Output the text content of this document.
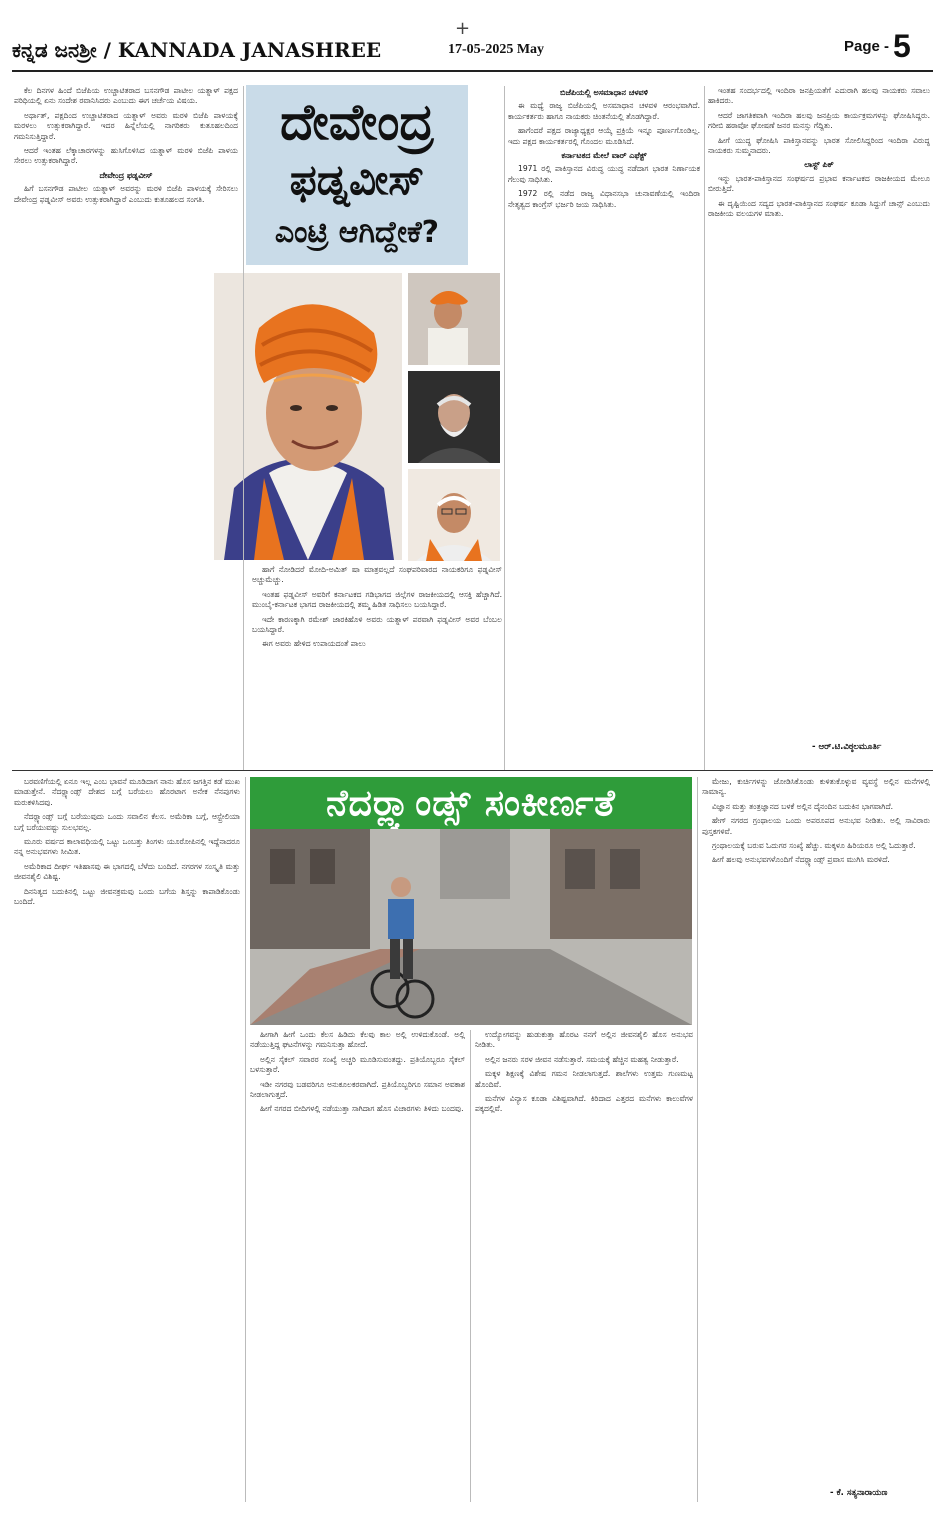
+
ಕನ್ನಡ ಜನಶ್ರೀ / KANNADA JANASHREE	17-05-2025 May	Page - 5

ಕೆಲ ದಿನಗಳ ಹಿಂದೆ ಬಿಜೆಪಿಯ ಉಚ್ಚಾಟಿತರಾದ ಬಸನಗೌಡ ಪಾಟೀಲ ಯತ್ನಾಳ್ ಪಕ್ಷದ ಪರಿಧಿಯಲ್ಲಿ ಏನು ಸಂದೇಶ ರವಾನಿಸಿದರು ಎಂಬುದು ಈಗ ಚರ್ಚೆಯ ವಿಷಯ.

ಅರ್ಥಾತ್, ಪಕ್ಷದಿಂದ ಉಚ್ಚಾಟಿತರಾದ ಯತ್ನಾಳ್ ಅವರು ಮರಳಿ ಬಿಜೆಪಿ ಪಾಳಯಕ್ಕೆ ಮರಳಲು ಉತ್ಸುಕರಾಗಿದ್ದಾರೆ. ಇದರ ಹಿನ್ನೆಲೆಯಲ್ಲಿ ನಾಗರಿಕರು ಕುತೂಹಲದಿಂದ ಗಮನಿಸುತ್ತಿದ್ದಾರೆ.

ಆದರೆ ಇಂತಹ ಲೆಕ್ಕಾಚಾರಗಳನ್ನು ಹುಸಿಗೊಳಿಸಿದ ಯತ್ನಾಳ್ ಮರಳಿ ಬಿಜೆಪಿ ಪಾಳಯ ಸೇರಲು ಉತ್ಸುಕರಾಗಿದ್ದಾರೆ.

ದೇವೇಂದ್ರ ಫಡ್ನವೀಸ್

ಹಿಗೆ ಬಸನಗೌಡ ಪಾಟೀಲ ಯತ್ನಾಳ್ ಅವರನ್ನು ಮರಳಿ ಬಿಜೆಪಿ ಪಾಳಯಕ್ಕೆ ಸೇರಿಸಲು ದೇವೇಂದ್ರ ಫಡ್ನವೀಸ್ ಅವರು ಉತ್ಸುಕರಾಗಿದ್ದಾರೆ ಎಂಬುದು ಕುತೂಹಲದ ಸಂಗತಿ.

ದೇವೇಂದ್ರ
ಫಡ್ನವೀಸ್
ಎಂಟ್ರಿ ಆಗಿದ್ದೇಕೆ?

ಹಾಗೆ ನೋಡಿದರೆ ಮೋದಿ-ಅಮಿತ್ ಷಾ ಮಾತ್ರವಲ್ಲದೆ ಸಂಘಪರಿವಾರದ ನಾಯಕರಿಗೂ ಫಡ್ನವೀಸ್ ಅಚ್ಚುಮೆಚ್ಚು.

ಇಂತಹ ಫಡ್ನವೀಸ್ ಅವರಿಗೆ ಕರ್ನಾಟಕದ ಗಡಿಭಾಗದ ಜಿಲ್ಲೆಗಳ ರಾಜಕೀಯದಲ್ಲಿ ಆಸಕ್ತಿ ಹೆಚ್ಚಾಗಿದೆ. ಮುಂಬೈ-ಕರ್ನಾಟಕ ಭಾಗದ ರಾಜಕೀಯದಲ್ಲಿ ತಮ್ಮ ಹಿಡಿತ ಸಾಧಿಸಲು ಬಯಸಿದ್ದಾರೆ.

ಇದೇ ಕಾರಣಕ್ಕಾಗಿ ರಮೇಶ್ ಜಾರಕಿಹೊಳಿ ಅವರು ಯತ್ನಾಳ್ ಪರವಾಗಿ ಫಡ್ನವೀಸ್ ಅವರ ಬೆಂಬಲ ಬಯಸಿದ್ದಾರೆ.

ಈಗ ಅವರು ಹೇಳಿದ ಉಪಾಯದಂತೆ ಪಾಲು

ಬಿಜೆಪಿಯಲ್ಲಿ ಅಸಮಾಧಾನ ಚಳವಳಿ

ಈ ಮಧ್ಯೆ ರಾಜ್ಯ ಬಿಜೆಪಿಯಲ್ಲಿ ಅಸಮಾಧಾನ ಚಳವಳಿ ಆರಂಭವಾಗಿದೆ. ಕಾರ್ಯಕರ್ತರು ಹಾಗೂ ನಾಯಕರು ಚಿಂತನೆಯಲ್ಲಿ ತೊಡಗಿದ್ದಾರೆ.

ಹಾಗೆಂದರೆ ಪಕ್ಷದ ರಾಜ್ಯಾಧ್ಯಕ್ಷರ ಆಯ್ಕೆ ಪ್ರಕ್ರಿಯೆ ಇನ್ನೂ ಪೂರ್ಣಗೊಂಡಿಲ್ಲ. ಇದು ಪಕ್ಷದ ಕಾರ್ಯಕರ್ತರಲ್ಲಿ ಗೊಂದಲ ಮೂಡಿಸಿದೆ.

ಕರ್ನಾಟಕದ ಮೇಲೆ ವಾರ್ ಎಫೆಕ್ಟ್

1971 ರಲ್ಲಿ ಪಾಕಿಸ್ತಾನದ ವಿರುದ್ಧ ಯುದ್ಧ ನಡೆದಾಗ ಭಾರತ ನಿರ್ಣಾಯಕ ಗೆಲುವು ಸಾಧಿಸಿತು.

1972 ರಲ್ಲಿ ನಡೆದ ರಾಜ್ಯ ವಿಧಾನಸಭಾ ಚುನಾವಣೆಯಲ್ಲಿ ಇಂದಿರಾ ನೇತೃತ್ವದ ಕಾಂಗ್ರೆಸ್ ಭರ್ಜರಿ ಜಯ ಸಾಧಿಸಿತು.

ಇಂತಹ ಸಂದರ್ಭದಲ್ಲಿ ಇಂದಿರಾ ಜನಪ್ರಿಯತೆಗೆ ಎದುರಾಗಿ ಹಲವು ನಾಯಕರು ಸವಾಲು ಹಾಕಿದರು.

ಆದರೆ ಜಾಗತಿಕವಾಗಿ ಇಂದಿರಾ ಹಲವು ಜನಪ್ರಿಯ ಕಾರ್ಯಕ್ರಮಗಳನ್ನು ಘೋಷಿಸಿದ್ದರು. ಗರೀಬಿ ಹಠಾವೋ ಘೋಷಣೆ ಜನರ ಮನಸ್ಸು ಗೆದ್ದಿತು.

ಹೀಗೆ ಯುದ್ಧ ಘೋಷಿಸಿ ಪಾಕಿಸ್ತಾನವನ್ನು ಭಾರತ ಸೋಲಿಸಿದ್ದರಿಂದ ಇಂದಿರಾ ವಿರುದ್ಧ ನಾಯಕರು ಸುಮ್ಮನಾದರು.

ಲಾಸ್ಟ್ ಪಿಕ್

ಇನ್ನು ಭಾರತ-ಪಾಕಿಸ್ತಾನದ ಸಂಘರ್ಷದ ಪ್ರಭಾವ ಕರ್ನಾಟಕದ ರಾಜಕೀಯದ ಮೇಲೂ ಬೀರುತ್ತಿದೆ.

ಈ ದೃಷ್ಟಿಯಿಂದ ಸದ್ಯದ ಭಾರತ-ಪಾಕಿಸ್ತಾನದ ಸಂಘರ್ಷ ಕೂಡಾ ಸಿದ್ದುಗೆ ಚಾನ್ಸ್ ಎಂಬುದು ರಾಜಕೀಯ ವಲಯಗಳ ಮಾತು.

- ಆರ್.ಟಿ.ವಿಠ್ಠಲಮೂರ್ತಿ
ನೆದರ್‍ಲ್ಯಾಂಡ್ಸ್ ಸಂಕೀರ್ಣತೆ

ಬರವಣಿಗೆಯಲ್ಲಿ ಏನೂ ಇಲ್ಲ ಎಂಬ ಭಾವನೆ ಮೂಡಿದಾಗ ನಾನು ಹೊಸ ಜಗತ್ತಿನ ಕಡೆ ಮುಖ ಮಾಡುತ್ತೇನೆ. ನೆದರ್‍ಲ್ಯಾಂಡ್ಸ್ ದೇಶದ ಬಗ್ಗೆ ಬರೆಯಲು ಹೊರಟಾಗ ಅನೇಕ ನೆನಪುಗಳು ಮರುಕಳಿಸಿದವು.

ನೆದರ್‍ಲ್ಯಾಂಡ್ಸ್ ಬಗ್ಗೆ ಬರೆಯುವುದು ಒಂದು ಸವಾಲಿನ ಕೆಲಸ. ಅಮೆರಿಕಾ ಬಗ್ಗೆ, ಆಸ್ಟ್ರೇಲಿಯಾ ಬಗ್ಗೆ ಬರೆಯುವಷ್ಟು ಸುಲಭವಲ್ಲ.

ಮೂರು ವರ್ಷದ ಕಾಲಾವಧಿಯಲ್ಲಿ ಒಟ್ಟು ಒಂಬತ್ತು ತಿಂಗಳು ಯೂರೋಪಿನಲ್ಲಿ ಇದ್ದೆನಾದರೂ ನನ್ನ ಅನುಭವಗಳು ಸೀಮಿತ.

ಅಮೆರಿಕಾದ ದೀರ್ಘ ಇತಿಹಾಸವು ಈ ಭಾಗದಲ್ಲಿ ಬೆಳೆದು ಬಂದಿದೆ. ನಗರಗಳ ಸಂಸ್ಕೃತಿ ಮತ್ತು ಜೀವನಶೈಲಿ ವಿಶಿಷ್ಟ.

ದಿನನಿತ್ಯದ ಬದುಕಿನಲ್ಲಿ ಒಟ್ಟು ಜೀವನಕ್ರಮವು ಒಂದು ಬಗೆಯ ಶಿಸ್ತನ್ನು ಕಾಪಾಡಿಕೊಂಡು ಬಂದಿದೆ.

ಹೀಗಾಗಿ ಹೀಗೆ ಒಂದು ಕೆಲಸ ಹಿಡಿದು ಕೆಲವು ಕಾಲ ಅಲ್ಲಿ ಉಳಿದುಕೊಂಡೆ. ಅಲ್ಲಿ ನಡೆಯುತ್ತಿದ್ದ ಘಟನೆಗಳನ್ನು ಗಮನಿಸುತ್ತಾ ಹೋದೆ.

ಅಲ್ಲಿನ ಸೈಕಲ್ ಸವಾರರ ಸಂಖ್ಯೆ ಅಚ್ಚರಿ ಮೂಡಿಸುವಂತದ್ದು. ಪ್ರತಿಯೊಬ್ಬರೂ ಸೈಕಲ್ ಬಳಸುತ್ತಾರೆ.

ಇಡೀ ನಗರವು ಬಡವರಿಗೂ ಅನುಕೂಲಕರವಾಗಿದೆ. ಪ್ರತಿಯೊಬ್ಬರಿಗೂ ಸಮಾನ ಅವಕಾಶ ನೀಡಲಾಗುತ್ತದೆ.

ಹೀಗೆ ನಗರದ ಬೀದಿಗಳಲ್ಲಿ ನಡೆಯುತ್ತಾ ಸಾಗಿದಾಗ ಹೊಸ ವಿಚಾರಗಳು ತಿಳಿದು ಬಂದವು.

ಉದ್ಯೋಗವನ್ನು ಹುಡುಕುತ್ತಾ ಹೊರಟ ನನಗೆ ಅಲ್ಲಿನ ಜೀವನಶೈಲಿ ಹೊಸ ಅನುಭವ ನೀಡಿತು.

ಅಲ್ಲಿನ ಜನರು ಸರಳ ಜೀವನ ನಡೆಸುತ್ತಾರೆ. ಸಮಯಕ್ಕೆ ಹೆಚ್ಚಿನ ಮಹತ್ವ ನೀಡುತ್ತಾರೆ.

ಮಕ್ಕಳ ಶಿಕ್ಷಣಕ್ಕೆ ವಿಶೇಷ ಗಮನ ನೀಡಲಾಗುತ್ತದೆ. ಶಾಲೆಗಳು ಉತ್ತಮ ಗುಣಮಟ್ಟ ಹೊಂದಿವೆ.

ಮನೆಗಳ ವಿನ್ಯಾಸ ಕೂಡಾ ವಿಶಿಷ್ಟವಾಗಿದೆ. ಕಿರಿದಾದ ಎತ್ತರದ ಮನೆಗಳು ಕಾಲುವೆಗಳ ಪಕ್ಕದಲ್ಲಿವೆ.

ಮೇಜು, ಕುರ್ಚಿಗಳನ್ನು ಜೋಡಿಸಿಕೊಂಡು ಕುಳಿತುಕೊಳ್ಳುವ ವ್ಯವಸ್ಥೆ ಅಲ್ಲಿನ ಮನೆಗಳಲ್ಲಿ ಸಾಮಾನ್ಯ.

ವಿಜ್ಞಾನ ಮತ್ತು ತಂತ್ರಜ್ಞಾನದ ಬಳಕೆ ಅಲ್ಲಿನ ದೈನಂದಿನ ಬದುಕಿನ ಭಾಗವಾಗಿದೆ.

ಹೇಗ್ ನಗರದ ಗ್ರಂಥಾಲಯ ಒಂದು ಅಪರೂಪದ ಅನುಭವ ನೀಡಿತು. ಅಲ್ಲಿ ಸಾವಿರಾರು ಪುಸ್ತಕಗಳಿವೆ.

ಗ್ರಂಥಾಲಯಕ್ಕೆ ಬರುವ ಓದುಗರ ಸಂಖ್ಯೆ ಹೆಚ್ಚು. ಮಕ್ಕಳೂ ಹಿರಿಯರೂ ಅಲ್ಲಿ ಓದುತ್ತಾರೆ.

ಹೀಗೆ ಹಲವು ಅನುಭವಗಳೊಂದಿಗೆ ನೆದರ್‍ಲ್ಯಾಂಡ್ಸ್ ಪ್ರವಾಸ ಮುಗಿಸಿ ಮರಳಿದೆ.

- ಕೆ. ಸತ್ಯನಾರಾಯಣ
